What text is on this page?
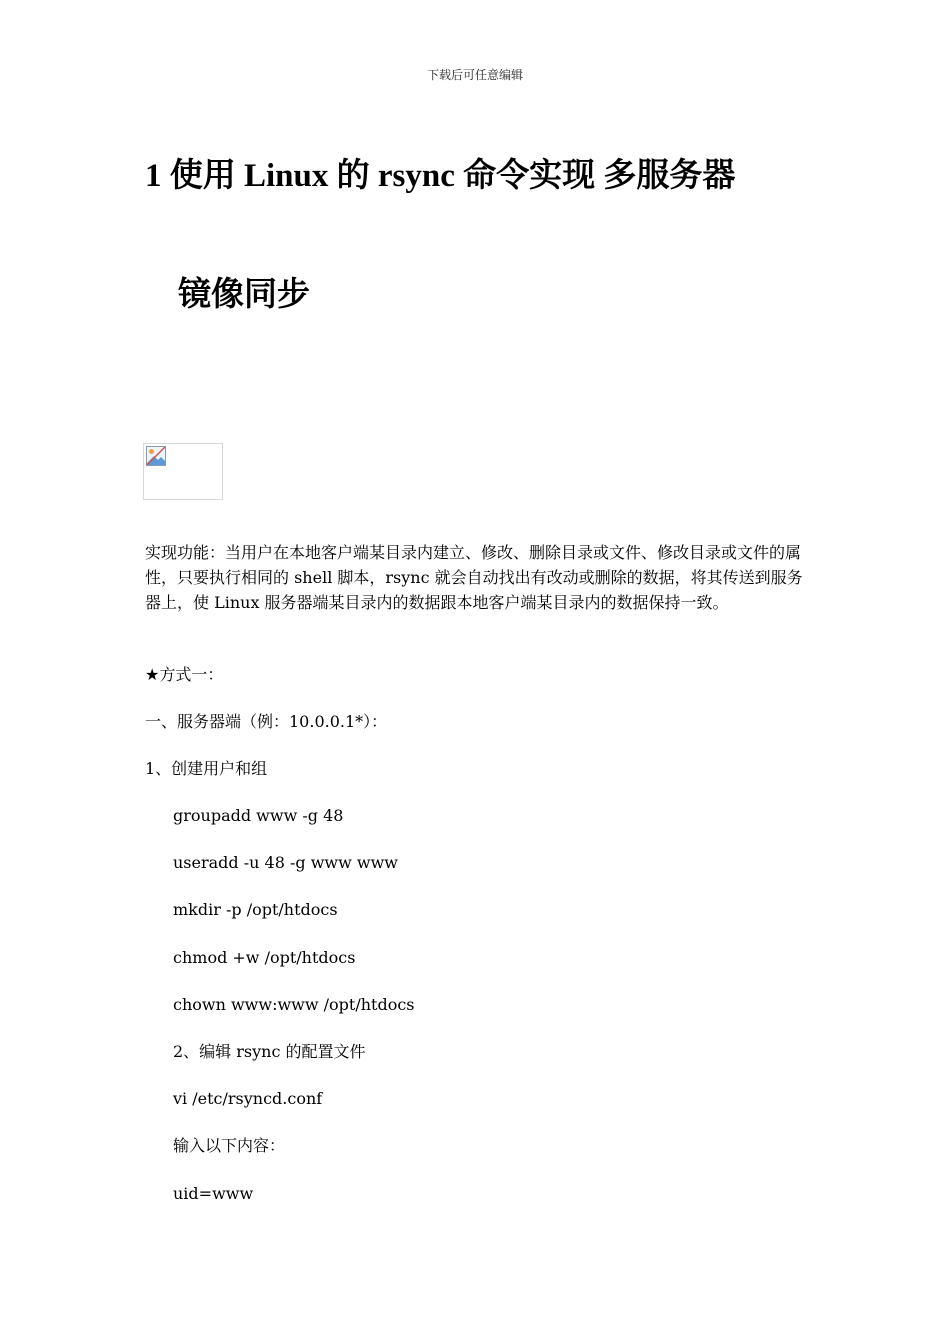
下载后可任意编辑
1 使用 Linux 的 rsync 命令实现 多服务器
镜像同步
实现功能：当用户在本地客户端某目录内建立、修改、删除目录或文件、修改目录或文件的属性，只要执行相同的 shell 脚本，rsync 就会自动找出有改动或删除的数据，将其传送到服务器上，使 Linux 服务器端某目录内的数据跟本地客户端某目录内的数据保持一致。
★方式一：
一、服务器端（例：10.0.0.1*）：
1、创建用户和组
groupadd www -g 48
useradd -u 48 -g www www
mkdir -p /opt/htdocs
chmod +w /opt/htdocs
chown www:www /opt/htdocs
2、编辑 rsync 的配置文件
vi /etc/rsyncd.conf
输入以下内容：
uid=www
